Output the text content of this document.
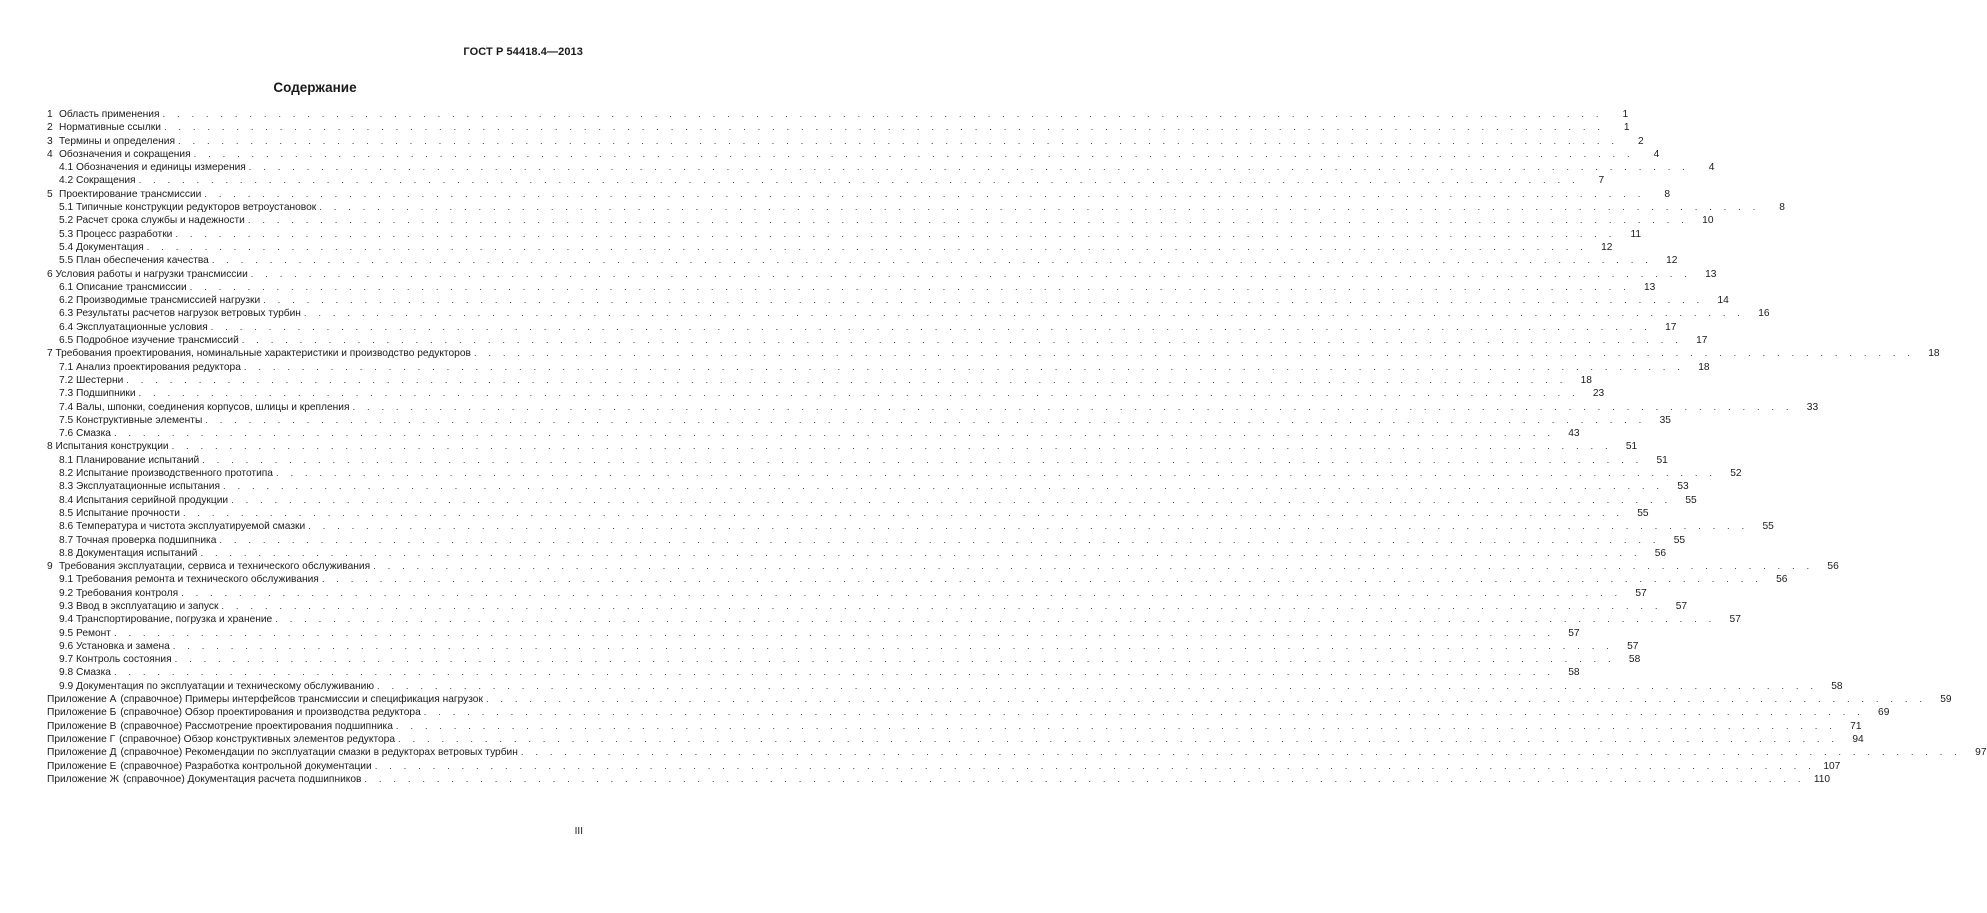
ГОСТ Р 54418.4—2013
Содержание
1 Область применения . . .	1
2 Нормативные ссылки . . .	1
3 Термины и определения . . .	2
4 Обозначения и сокращения . . .	4
4.1 Обозначения и единицы измерения . . .	4
4.2 Сокращения . . .	7
5 Проектирование трансмиссии . . .	8
5.1 Типичные конструкции редукторов ветроустановок . . .	8
5.2 Расчет срока службы и надежности . . .	10
5.3 Процесс разработки . . .	11
5.4 Документация . . .	12
5.5 План обеспечения качества . . .	12
6 Условия работы и нагрузки трансмиссии . . .	13
6.1 Описание трансмиссии . . .	13
6.2 Производимые трансмиссией нагрузки . . .	14
6.3 Результаты расчетов нагрузок ветровых турбин . . .	16
6.4 Эксплуатационные условия . . .	17
6.5 Подробное изучение трансмиссий . . .	17
7 Требования проектирования, номинальные характеристики и производство редукторов . . .	18
7.1 Анализ проектирования редуктора . . .	18
7.2 Шестерни . . .	18
7.3 Подшипники . . .	23
7.4 Валы, шпонки, соединения корпусов, шлицы и крепления . . .	33
7.5 Конструктивные элементы . . .	35
7.6 Смазка . . .	43
8 Испытания конструкции . . .	51
8.1 Планирование испытаний . . .	51
8.2 Испытание производственного прототипа . . .	52
8.3 Эксплуатационные испытания . . .	53
8.4 Испытания серийной продукции . . .	55
8.5 Испытание прочности . . .	55
8.6 Температура и чистота эксплуатируемой смазки . . .	55
8.7 Точная проверка подшипника . . .	55
8.8 Документация испытаний . . .	56
9 Требования эксплуатации, сервиса и технического обслуживания . . .	56
9.1 Требования ремонта и технического обслуживания . . .	56
9.2 Требования контроля . . .	57
9.3 Ввод в эксплуатацию и запуск . . .	57
9.4 Транспортирование, погрузка и хранение . . .	57
9.5 Ремонт . . .	57
9.6 Установка и замена . . .	57
9.7 Контроль состояния . . .	58
9.8 Смазка . . .	58
9.9 Документация по эксплуатации и техническому обслуживанию . . .	58
Приложение А (справочное) Примеры интерфейсов трансмиссии и спецификация нагрузок . . .	59
Приложение Б (справочное) Обзор проектирования и производства редуктора . . .	69
Приложение В (справочное) Рассмотрение проектирования подшипника . . .	71
Приложение Г (справочное) Обзор конструктивных элементов редуктора . . .	94
Приложение Д (справочное) Рекомендации по эксплуатации смазки в редукторах ветровых турбин . . .	97
Приложение Е (справочное) Разработка контрольной документации . . .	107
Приложение Ж (справочное) Документация расчета подшипников . . .	110
III
